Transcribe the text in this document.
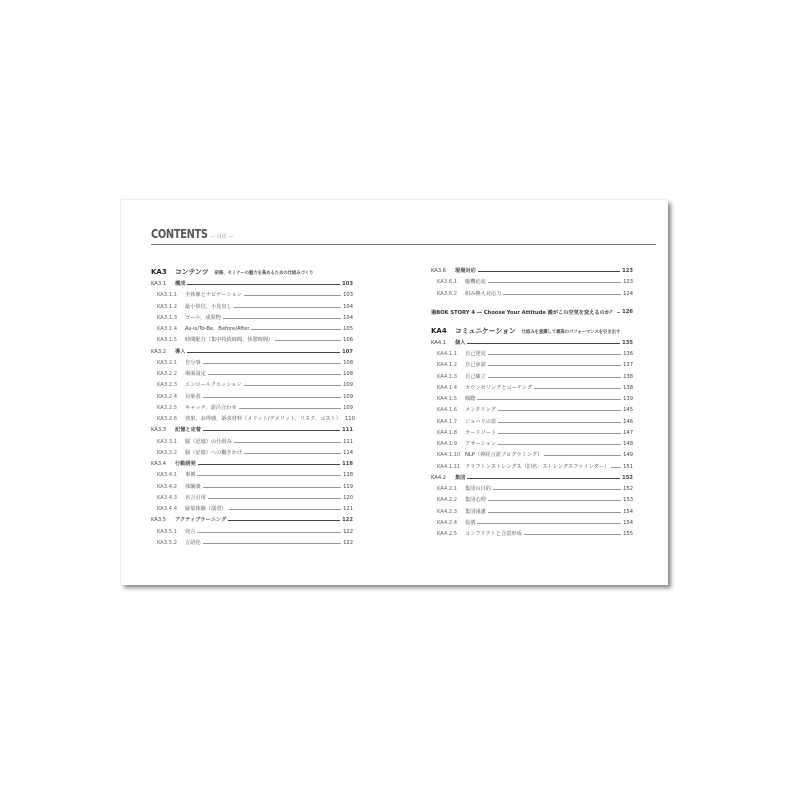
CONTENTS — 目次 —
KA3	コンテンツ 研修、セミナーの魅力を高めるための仕組みづくり
KA3.1	構成	103
KA3.1.1	全体像とナビゲーション	103
KA3.1.2	最小単位、小見出し	104
KA3.1.3	ゴール、成果物	104
KA3.1.4	As-Is/To-Be、Before/After	105
KA3.1.5	時間配分（集中持続時間、休憩時間）	106
KA3.2	導入	107
KA3.2.1	自分事	108
KA3.2.2	場面設定	108
KA3.2.3	エンロールクエッション	109
KA3.2.4	対象者	109
KA3.2.5	キャッチ、語呂合わせ	109
KA3.2.6	効果、お得感、訴求材料（メリット/デメリット、リスク、コスト） 110
KA3.3	記憶と定着	111
KA3.3.1	脳（記憶）の仕組み	111
KA3.3.2	脳（記憶）への働きかけ	114
KA3.4	行動誘発	118
KA3.4.1	事例	118
KA3.4.2	体験談	119
KA3.4.3	名言引用	120
KA3.4.4	疑似体験（演習）	121
KA3.5	アクティブラーニング	122
KA3.5.1	発言	122
KA3.5.2	言語化	122
KA3.6	現場対応	123
KA3.6.1	臨機応変	123
KA3.6.2	組み換え対応力	124
場BOK STORY 4 ― Choose Your Attitude 誰がこの空気を変えるのか？ 126
KA4	コミュニケーション 仕組みを意識して最高のパフォーマンスを引き出す
KA4.1	個人	135
KA4.1.1	自己発見	136
KA4.1.2	自己承認	137
KA4.1.3	自己確立	138
KA4.1.4	カウンセリングとコーチング	138
KA4.1.5	傾聴	139
KA4.1.6	メンタリング	145
KA4.1.7	ジョハリの窓	146
KA4.1.8	カードソート	147
KA4.1.9	アサーション	148
KA4.1.10 NLP（神経言語プログラミング）	149
KA4.1.11 クリフトンストレングス（旧名：ストレングスファインダー）	151
KA4.2	集団	152
KA4.2.1	集団の目的	152
KA4.2.2	集団心理	153
KA4.2.3	集団浅慮	154
KA4.2.4	役割	154
KA4.2.5	コンフリクトと合意形成	155
